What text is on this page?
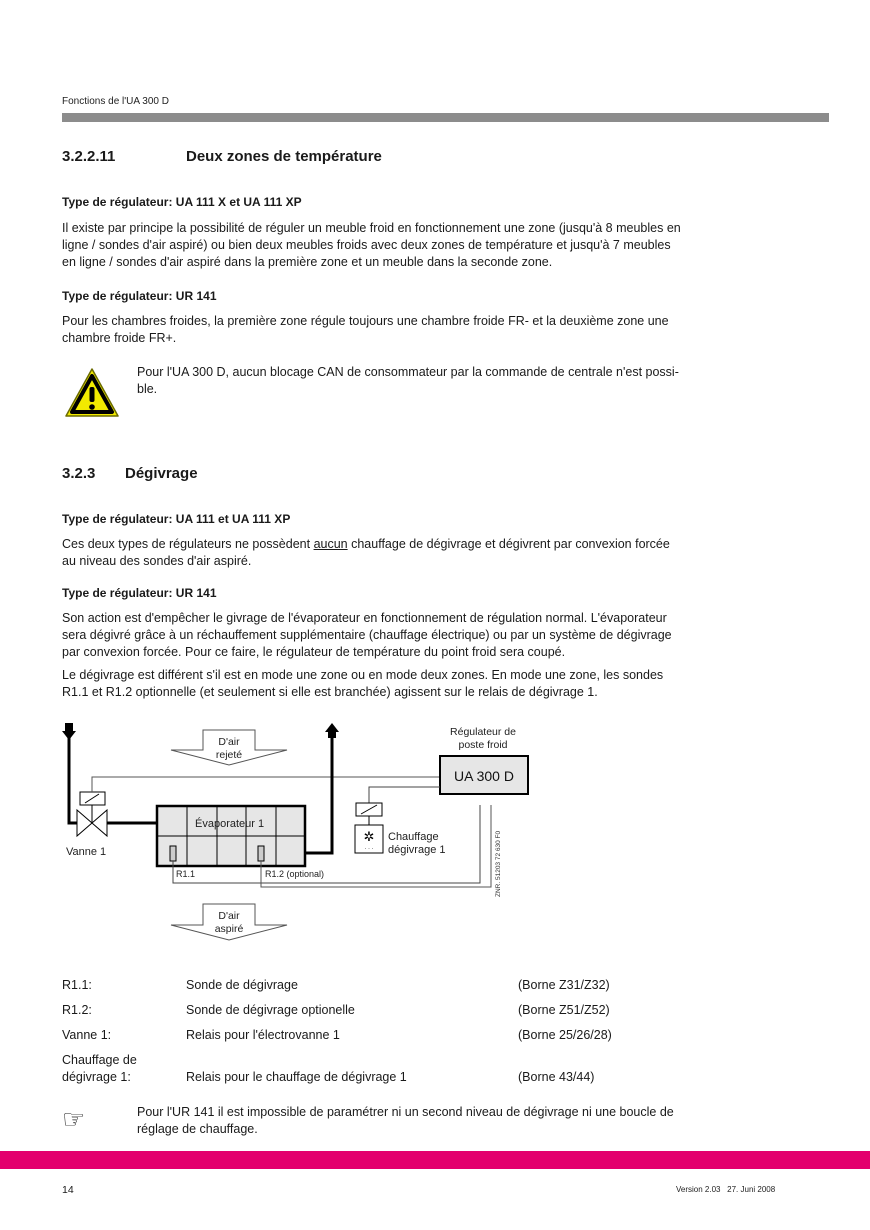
Fonctions de l'UA 300 D
3.2.2.11	Deux zones de température
Type de régulateur: UA 111 X et UA 111 XP
Il existe par principe la possibilité de réguler un meuble froid en fonctionnement une zone (jusqu'à 8 meubles en
ligne / sondes d'air aspiré) ou bien deux meubles froids avec deux zones de température et jusqu'à 7 meubles
en ligne / sondes d'air aspiré dans la première zone et un meuble dans la seconde zone.
Type de régulateur: UR 141
Pour les chambres froides, la première zone régule toujours une chambre froide FR- et la deuxième zone une
chambre froide FR+.
Pour l'UA 300 D, aucun blocage CAN de consommateur par la commande de centrale n'est possi-
ble.
3.2.3 Dégivrage
Type de régulateur: UA 111 et UA 111 XP
Ces deux types de régulateurs ne possèdent aucun chauffage de dégivrage et dégivrent par convexion forcée
au niveau des sondes d'air aspiré.
Type de régulateur: UR 141
Son action est d'empêcher le givrage de l'évaporateur en fonctionnement de régulation normal. L'évaporateur
sera dégivré grâce à un réchauffement supplémentaire (chauffage électrique) ou par un système de dégivrage
par convexion forcée. Pour ce faire, le régulateur de température du point froid sera coupé.
Le dégivrage est différent s'il est en mode une zone ou en mode deux zones. En mode une zone, les sondes
R1.1 et R1.2 optionnelle (et seulement si elle est branchée) agissent sur le relais de dégivrage 1.
Vanne 1
Évaporateur 1
R1.1	R1.2 (optional)
D'air
rejeté
D'air
aspiré
Régulateur de
poste froid
UA 300 D
✲
· · ·
Chauffage
dégivrage 1	ZNR. 51203 72 630 F0
R1.1:	Sonde de dégivrage	(Borne Z31/Z32)
R1.2:	Sonde de dégivrage optionelle	(Borne Z51/Z52)
Vanne 1:	Relais pour l'électrovanne 1	(Borne 25/26/28)
Chauffage de
dégivrage 1:	Relais pour le chauffage de dégivrage 1	(Borne 43/44)
☞	Pour l'UR 141 il est impossible de paramétrer ni un second niveau de dégivrage ni une boucle de
réglage de chauffage.
14	Version 2.03   27. Juni 2008
